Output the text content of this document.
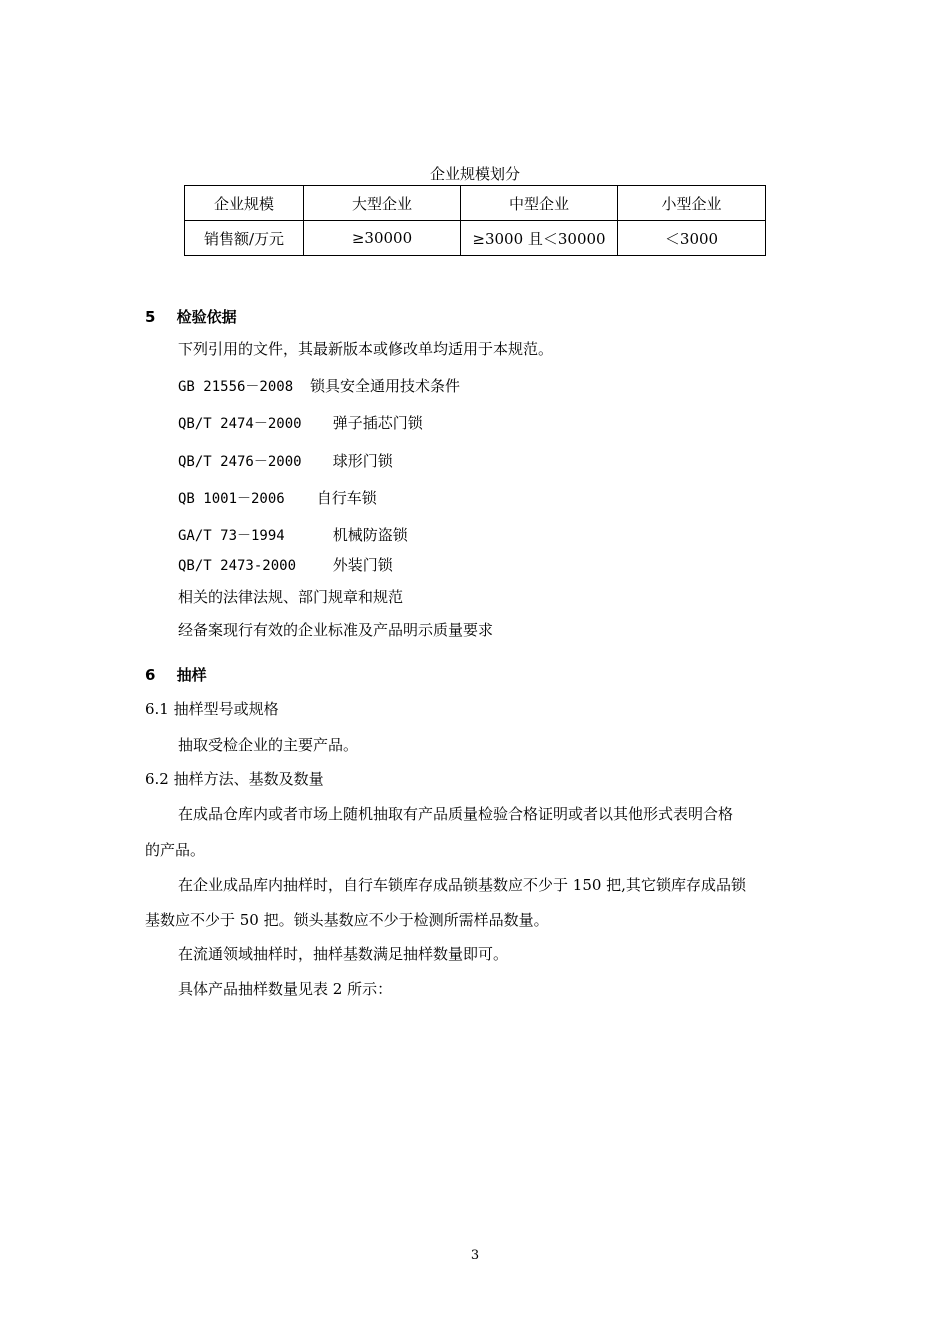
企业规模划分
企业规模	大型企业	中型企业	小型企业
销售额/万元	≥30000	≥3000 且＜30000	＜3000
5 检验依据
下列引用的文件，其最新版本或修改单均适用于本规范。
GB 21556－2008 锁具安全通用技术条件
QB/T 2474－2000 弹子插芯门锁
QB/T 2476－2000 球形门锁
QB 1001－2006 自行车锁
GA/T 73－1994	机械防盗锁
QB/T 2473-2000 外装门锁
相关的法律法规、部门规章和规范
经备案现行有效的企业标准及产品明示质量要求
6 抽样
6.1 抽样型号或规格
抽取受检企业的主要产品。
6.2 抽样方法、基数及数量
在成品仓库内或者市场上随机抽取有产品质量检验合格证明或者以其他形式表明合格
的产品。
在企业成品库内抽样时，自行车锁库存成品锁基数应不少于 150 把,其它锁库存成品锁
基数应不少于 50 把。锁头基数应不少于检测所需样品数量。
在流通领域抽样时，抽样基数满足抽样数量即可。
具体产品抽样数量见表 2 所示：
3
